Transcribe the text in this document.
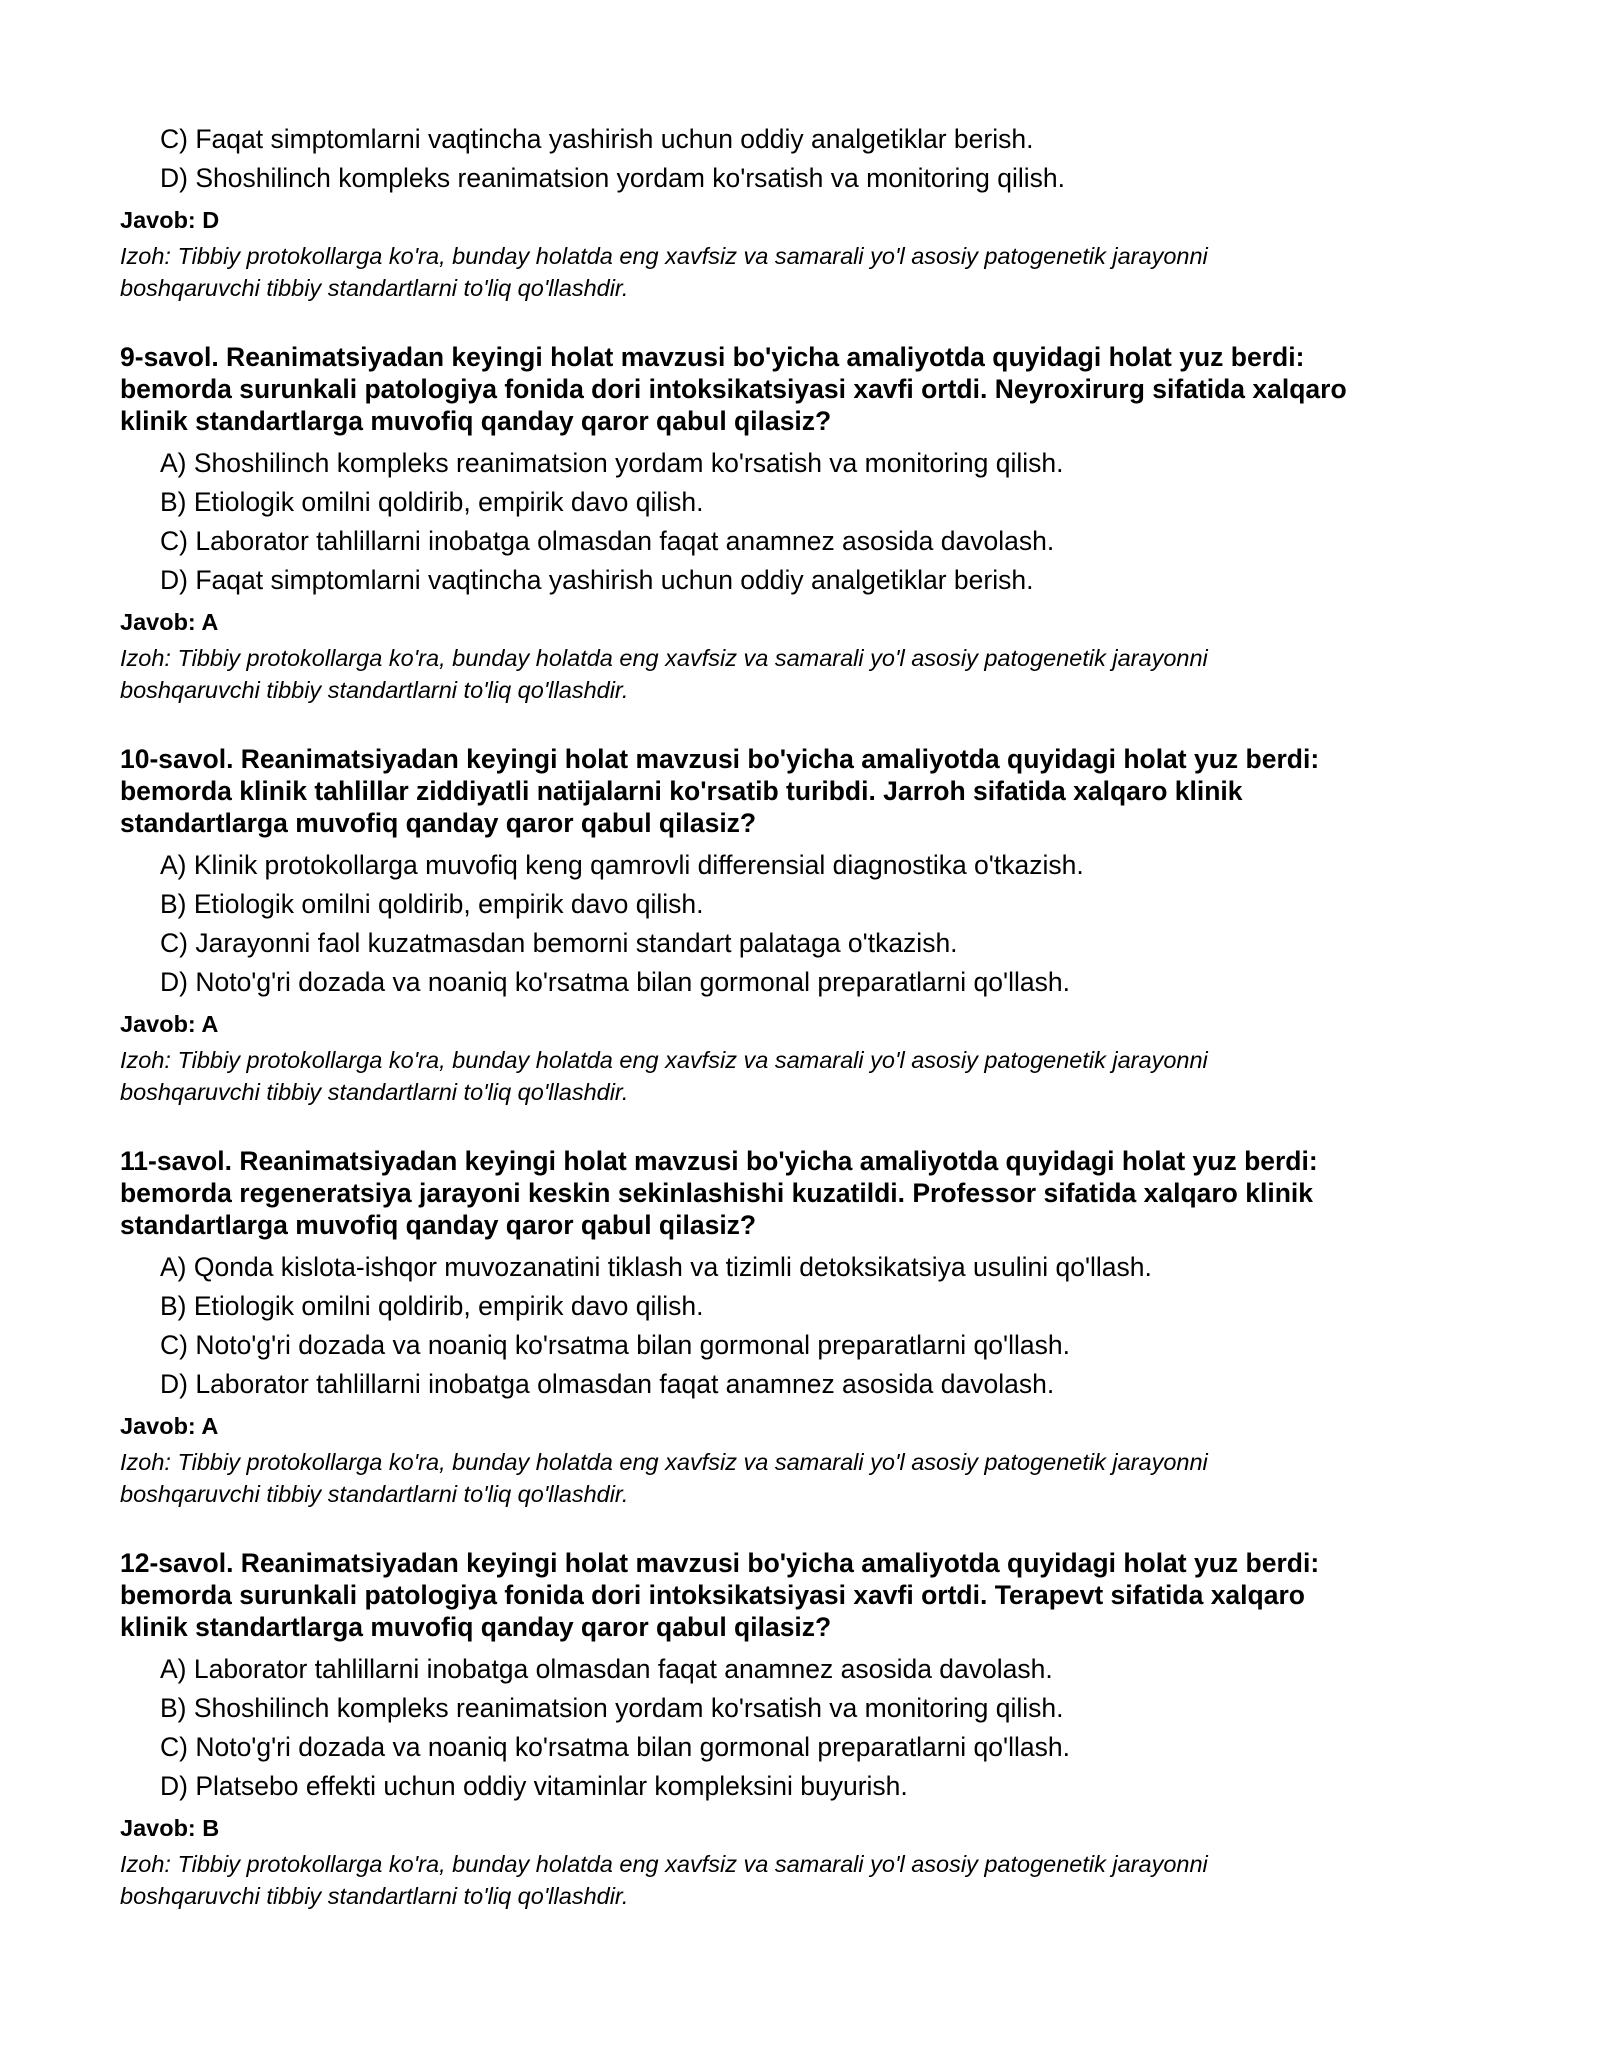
C) Faqat simptomlarni vaqtincha yashirish uchun oddiy analgetiklar berish.
D) Shoshilinch kompleks reanimatsion yordam ko'rsatish va monitoring qilish.
Javob: D
Izoh: Tibbiy protokollarga ko'ra, bunday holatda eng xavfsiz va samarali yo'l asosiy patogenetik jarayonni
boshqaruvchi tibbiy standartlarni to'liq qo'llashdir.
9-savol. Reanimatsiyadan keyingi holat mavzusi bo'yicha amaliyotda quyidagi holat yuz berdi:
bemorda surunkali patologiya fonida dori intoksikatsiyasi xavfi ortdi. Neyroxirurg sifatida xalqaro
klinik standartlarga muvofiq qanday qaror qabul qilasiz?
A) Shoshilinch kompleks reanimatsion yordam ko'rsatish va monitoring qilish.
B) Etiologik omilni qoldirib, empirik davo qilish.
C) Laborator tahlillarni inobatga olmasdan faqat anamnez asosida davolash.
D) Faqat simptomlarni vaqtincha yashirish uchun oddiy analgetiklar berish.
Javob: A
Izoh: Tibbiy protokollarga ko'ra, bunday holatda eng xavfsiz va samarali yo'l asosiy patogenetik jarayonni
boshqaruvchi tibbiy standartlarni to'liq qo'llashdir.
10-savol. Reanimatsiyadan keyingi holat mavzusi bo'yicha amaliyotda quyidagi holat yuz berdi:
bemorda klinik tahlillar ziddiyatli natijalarni ko'rsatib turibdi. Jarroh sifatida xalqaro klinik
standartlarga muvofiq qanday qaror qabul qilasiz?
A) Klinik protokollarga muvofiq keng qamrovli differensial diagnostika o'tkazish.
B) Etiologik omilni qoldirib, empirik davo qilish.
C) Jarayonni faol kuzatmasdan bemorni standart palataga o'tkazish.
D) Noto'g'ri dozada va noaniq ko'rsatma bilan gormonal preparatlarni qo'llash.
Javob: A
Izoh: Tibbiy protokollarga ko'ra, bunday holatda eng xavfsiz va samarali yo'l asosiy patogenetik jarayonni
boshqaruvchi tibbiy standartlarni to'liq qo'llashdir.
11-savol. Reanimatsiyadan keyingi holat mavzusi bo'yicha amaliyotda quyidagi holat yuz berdi:
bemorda regeneratsiya jarayoni keskin sekinlashishi kuzatildi. Professor sifatida xalqaro klinik
standartlarga muvofiq qanday qaror qabul qilasiz?
A) Qonda kislota-ishqor muvozanatini tiklash va tizimli detoksikatsiya usulini qo'llash.
B) Etiologik omilni qoldirib, empirik davo qilish.
C) Noto'g'ri dozada va noaniq ko'rsatma bilan gormonal preparatlarni qo'llash.
D) Laborator tahlillarni inobatga olmasdan faqat anamnez asosida davolash.
Javob: A
Izoh: Tibbiy protokollarga ko'ra, bunday holatda eng xavfsiz va samarali yo'l asosiy patogenetik jarayonni
boshqaruvchi tibbiy standartlarni to'liq qo'llashdir.
12-savol. Reanimatsiyadan keyingi holat mavzusi bo'yicha amaliyotda quyidagi holat yuz berdi:
bemorda surunkali patologiya fonida dori intoksikatsiyasi xavfi ortdi. Terapevt sifatida xalqaro
klinik standartlarga muvofiq qanday qaror qabul qilasiz?
A) Laborator tahlillarni inobatga olmasdan faqat anamnez asosida davolash.
B) Shoshilinch kompleks reanimatsion yordam ko'rsatish va monitoring qilish.
C) Noto'g'ri dozada va noaniq ko'rsatma bilan gormonal preparatlarni qo'llash.
D) Platsebo effekti uchun oddiy vitaminlar kompleksini buyurish.
Javob: B
Izoh: Tibbiy protokollarga ko'ra, bunday holatda eng xavfsiz va samarali yo'l asosiy patogenetik jarayonni
boshqaruvchi tibbiy standartlarni to'liq qo'llashdir.
